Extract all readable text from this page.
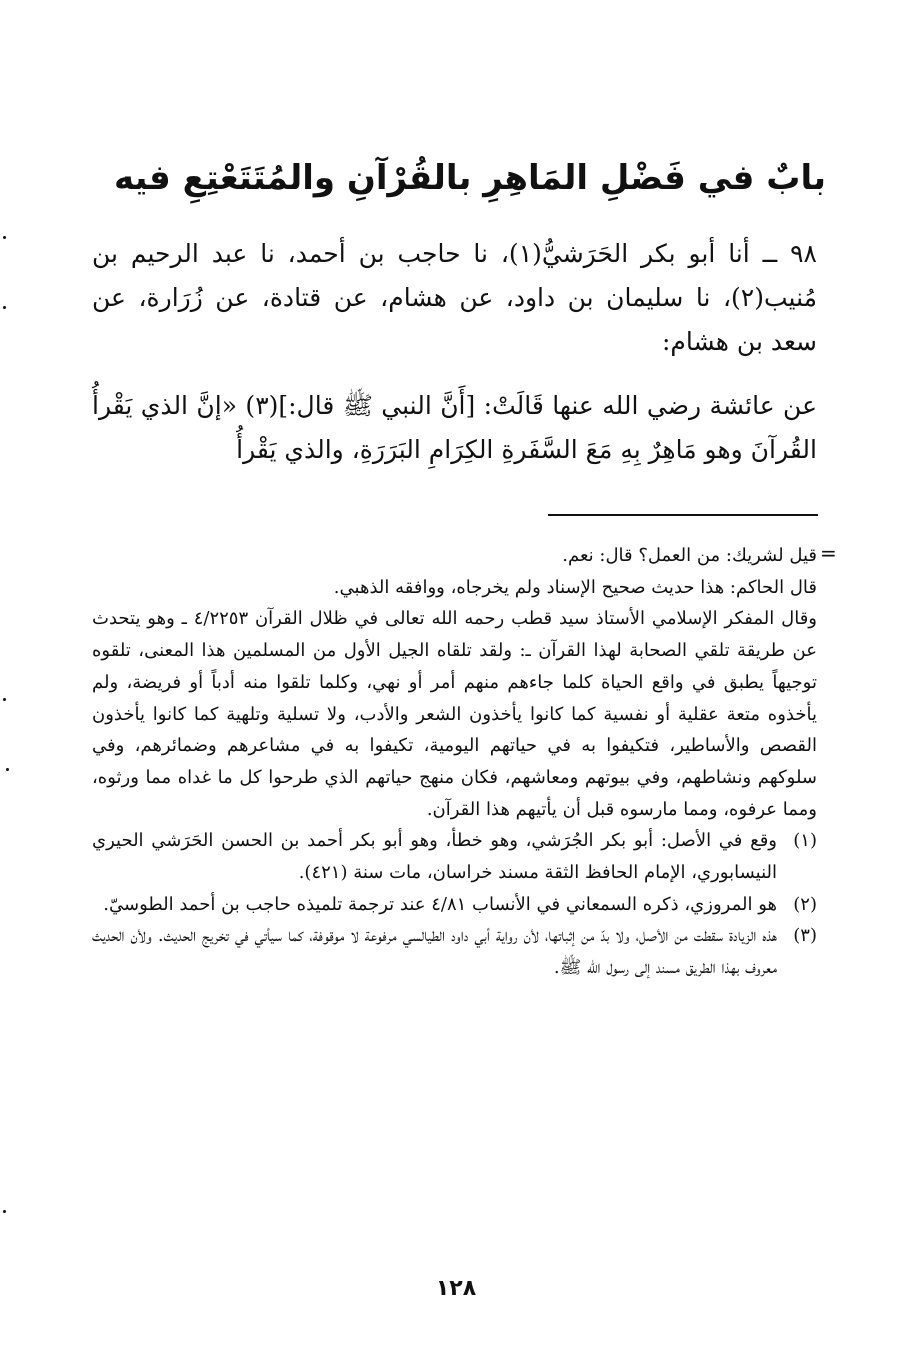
بابٌ في فَضْلِ المَاهِرِ بالقُرْآنِ والمُتَتَعْتِعِ فيه

٩٨ ــ أنا أبو بكر الحَرَشيُّ(١)، نا حاجب بن أحمد، نا عبد الرحيم بن مُنيب(٢)، نا سليمان بن داود، عن هشام، عن قتادة، عن زُرَارة، عن سعد بن هشام:

عن عائشة رضي الله عنها قَالَتْ: [أَنَّ النبي ﷺ قال:](٣) «إنَّ الذي يَقْرأُ القُرآنَ وهو مَاهِرٌ بِهِ مَعَ السَّفَرةِ الكِرَامِ البَرَرَةِ، والذي يَقْرأُ

=

قيل لشريك: من العمل؟ قال: نعم.
قال الحاكم: هذا حديث صحيح الإسناد ولم يخرجاه، ووافقه الذهبي.
وقال المفكر الإسلامي الأستاذ سيد قطب رحمه الله تعالى في ظلال القرآن ٤/٢٢٥٣ ـ وهو يتحدث عن طريقة تلقي الصحابة لهذا القرآن ـ: ولقد تلقاه الجيل الأول من المسلمين هذا المعنى، تلقوه توجيهاً يطبق في واقع الحياة كلما جاءهم منهم أمر أو نهي، وكلما تلقوا منه أدباً أو فريضة، ولم يأخذوه متعة عقلية أو نفسية كما كانوا يأخذون الشعر والأدب، ولا تسلية وتلهية كما كانوا يأخذون القصص والأساطير، فتكيفوا به في حياتهم اليومية، تكيفوا به في مشاعرهم وضمائرهم، وفي سلوكهم ونشاطهم، وفي بيوتهم ومعاشهم، فكان منهج حياتهم الذي طرحوا كل ما غداه مما ورثوه، ومما عرفوه، ومما مارسوه قبل أن يأتيهم هذا القرآن.

(١)
وقع في الأصل: أبو بكر الجُرَشي، وهو خطأ، وهو أبو بكر أحمد بن الحسن الحَرَشي الحيري النيسابوري، الإمام الحافظ الثقة مسند خراسان، مات سنة (٤٢١).

(٢)
هو المروزي، ذكره السمعاني في الأنساب ٤/٨١ عند ترجمة تلميذه حاجب بن أحمد الطوسيّ.

(٣)
هذه الزيادة سقطت من الأصل، ولا بدّ من إثباتها، لأن رواية أبي داود الطيالسي مرفوعة لا موقوفة، كما سيأتي في تخريج الحديث. ولأن الحديث معروف بهذا الطريق مسند إلى رسول الله ﷺ.

١٢٨
